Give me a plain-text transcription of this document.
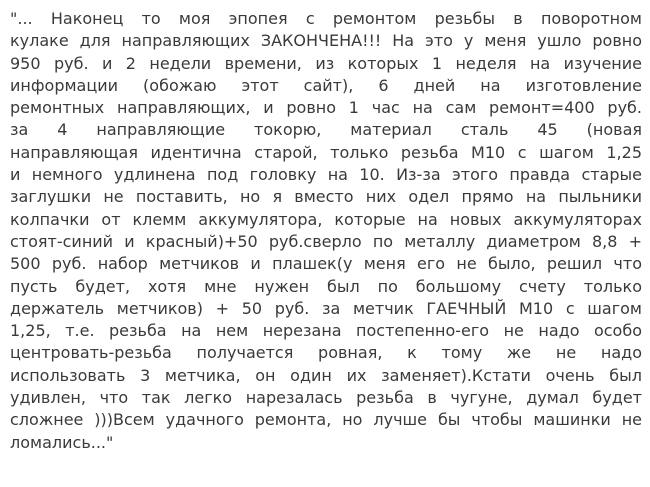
"... Наконец то моя эпопея с ремонтом резьбы в поворотном
кулаке для направляющих ЗАКОНЧЕНА!!! На это у меня ушло ровно
950 руб. и 2 недели времени, из которых 1 неделя на изучение
информации (обожаю этот сайт), 6 дней на изготовление
ремонтных направляющих, и ровно 1 час на сам ремонт=400 руб.
за 4 направляющие токорю, материал сталь 45 (новая
направляющая идентична старой, только резьба М10 с шагом 1,25
и немного удлинена под головку на 10. Из-за этого правда старые
заглушки не поставить, но я вместо них одел прямо на пыльники
колпачки от клемм аккумулятора, которые на новых аккумуляторах
стоят-синий и красный)+50 руб.сверло по металлу диаметром 8,8 +
500 руб. набор метчиков и плашек(у меня его не было, решил что
пусть будет, хотя мне нужен был по большому счету только
держатель метчиков) + 50 руб. за метчик ГАЕЧНЫЙ М10 с шагом
1,25, т.е. резьба на нем нерезана постепенно-его не надо особо
центровать-резьба получается ровная, к тому же не надо
использовать 3 метчика, он один их заменяет).Кстати очень был
удивлен, что так легко нарезалась резьба в чугуне, думал будет
сложнее )))Всем удачного ремонта, но лучше бы чтобы машинки не
ломались..."
